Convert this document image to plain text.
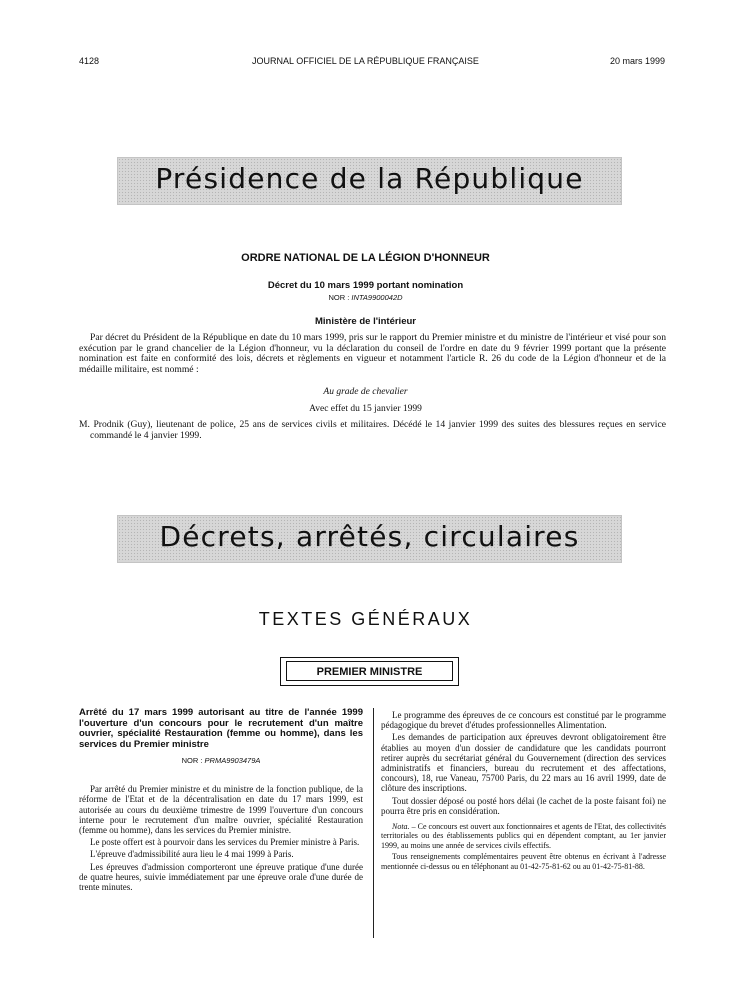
4128	JOURNAL OFFICIEL DE LA RÉPUBLIQUE FRANÇAISE	20 mars 1999
Présidence de la République
ORDRE NATIONAL DE LA LÉGION D'HONNEUR
Décret du 10 mars 1999 portant nomination
NOR : INTA9900042D
Ministère de l'intérieur
Par décret du Président de la République en date du 10 mars 1999, pris sur le rapport du Premier ministre et du ministre de l'intérieur et visé pour son exécution par le grand chancelier de la Légion d'honneur, vu la déclaration du conseil de l'ordre en date du 9 février 1999 portant que la présente nomination est faite en conformité des lois, décrets et règlements en vigueur et notamment l'article R. 26 du code de la Légion d'honneur et de la médaille militaire, est nommé :
Au grade de chevalier
Avec effet du 15 janvier 1999
M. Prodnik (Guy), lieutenant de police, 25 ans de services civils et militaires. Décédé le 14 janvier 1999 des suites des blessures reçues en service commandé le 4 janvier 1999.
Décrets, arrêtés, circulaires
TEXTES GÉNÉRAUX
PREMIER MINISTRE
Arrêté du 17 mars 1999 autorisant au titre de l'année 1999 l'ouverture d'un concours pour le recrutement d'un maître ouvrier, spécialité Restauration (femme ou homme), dans les services du Premier ministre
NOR : PRMA9903479A

Par arrêté du Premier ministre et du ministre de la fonction publique, de la réforme de l'Etat et de la décentralisation en date du 17 mars 1999, est autorisée au cours du deuxième trimestre de 1999 l'ouverture d'un concours interne pour le recrutement d'un maître ouvrier, spécialité Restauration (femme ou homme), dans les services du Premier ministre.

Le poste offert est à pourvoir dans les services du Premier ministre à Paris.

L'épreuve d'admissibilité aura lieu le 4 mai 1999 à Paris.

Les épreuves d'admission comporteront une épreuve pratique d'une durée de quatre heures, suivie immédiatement par une épreuve orale d'une durée de trente minutes.

Le programme des épreuves de ce concours est constitué par le programme pédagogique du brevet d'études professionnelles Alimentation.

Les demandes de participation aux épreuves devront obligatoirement être établies au moyen d'un dossier de candidature que les candidats pourront retirer auprès du secrétariat général du Gouvernement (direction des services administratifs et financiers, bureau du recrutement et des affectations, concours), 18, rue Vaneau, 75700 Paris, du 22 mars au 16 avril 1999, date de clôture des inscriptions.

Tout dossier déposé ou posté hors délai (le cachet de la poste faisant foi) ne pourra être pris en considération.

Nota. – Ce concours est ouvert aux fonctionnaires et agents de l'Etat, des collectivités territoriales ou des établissements publics qui en dépendent comptant, au 1er janvier 1999, au moins une année de services civils effectifs.

Tous renseignements complémentaires peuvent être obtenus en écrivant à l'adresse mentionnée ci-dessus ou en téléphonant au 01-42-75-81-62 ou au 01-42-75-81-88.
